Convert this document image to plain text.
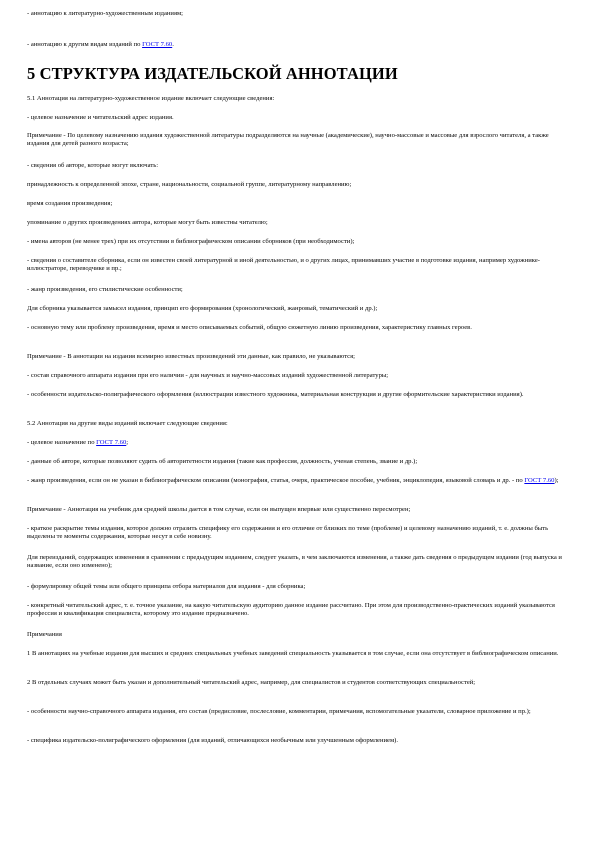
- аннотацию к литературно-художественным изданиям;

- аннотацию к другим видам изданий по ГОСТ 7.60.

5 СТРУКТУРА ИЗДАТЕЛЬСКОЙ АННОТАЦИИ

5.1 Аннотация на литературно-художественное издание включает следующие сведения:

- целевое назначение и читательский адрес издания.

Примечание - По целевому назначению издания художественной литературы подразделяются на научные (академические), научно-массовые и массовые для взрослого читателя, а также издания для детей разного возраста;

- сведения об авторе, которые могут включать:

принадлежность к определенной эпохе, стране, национальности, социальной группе, литературному направлению;

время создания произведения;

упоминание о других произведениях автора, которые могут быть известны читателю;

- имена авторов (не менее трех) при их отсутствии в библиографическом описании сборников (при необходимости);

- сведения о составителе сборника, если он известен своей литературной и иной деятельностью, и о других лицах, принимавших участие в подготовке издания, например художнике-иллюстраторе, переводчике и пр.;

- жанр произведения, его стилистические особенности;

Для сборника указывается замысел издания, принцип его формирования (хронологический, жанровый, тематический и др.);

- основную тему или проблему произведения, время и место описываемых событий, общую сюжетную линию произведения, характеристику главных героев.

Примечание - В аннотации на издания всемирно известных произведений эти данные, как правило, не указываются;

- состав справочного аппарата издания при его наличии - для научных и научно-массовых изданий художественной литературы;

- особенности издательско-полиграфического оформления (иллюстрации известного художника, материальная конструкция и другие оформительские характеристики издания).

5.2 Аннотация на другие виды изданий включает следующие сведения:

- целевое назначение по ГОСТ 7.60;

- данные об авторе, которые позволяют судить об авторитетности издания (такие как профессия, должность, ученая степень, звание и др.);

- жанр произведения, если он не указан в библиографическом описании (монография, статья, очерк, практическое пособие, учебник, энциклопедия, языковой словарь и др. - по ГОСТ 7.60);

Примечание - Аннотация на учебник для средней школы дается в том случае, если он выпущен впервые или существенно пересмотрен;

- краткое раскрытие темы издания, которое должно отразить специфику его содержания и его отличие от близких по теме (проблеме) и целевому назначению изданий, т. е. должны быть выделены те моменты содержания, которые несут в себе новизну.

Для переизданий, содержащих изменения в сравнении с предыдущим изданием, следует указать, в чем заключаются изменения, а также дать сведения о предыдущем издании (год выпуска и название, если оно изменено);

- формулировку общей темы или общего принципа отбора материалов для издания - для сборника;

- конкретный читательский адрес, т. е. точное указание, на какую читательскую аудиторию данное издание рассчитано. При этом для производственно-практических изданий указываются профессия и квалификация специалиста, которому это издание предназначено.

Примечания

1 В аннотациях на учебные издания для высших и средних специальных учебных заведений специальность указывается в том случае, если она отсутствует в библиографическом описании.

2 В отдельных случаях может быть указан и дополнительный читательский адрес, например, для специалистов и студентов соответствующих специальностей;

- особенности научно-справочного аппарата издания, его состав (предисловие, послесловие, комментарии, примечания, вспомогательные указатели, словарное приложение и пр.);

- специфика издательско-полиграфического оформления (для изданий, отличающихся необычным или улучшенным оформлением).
